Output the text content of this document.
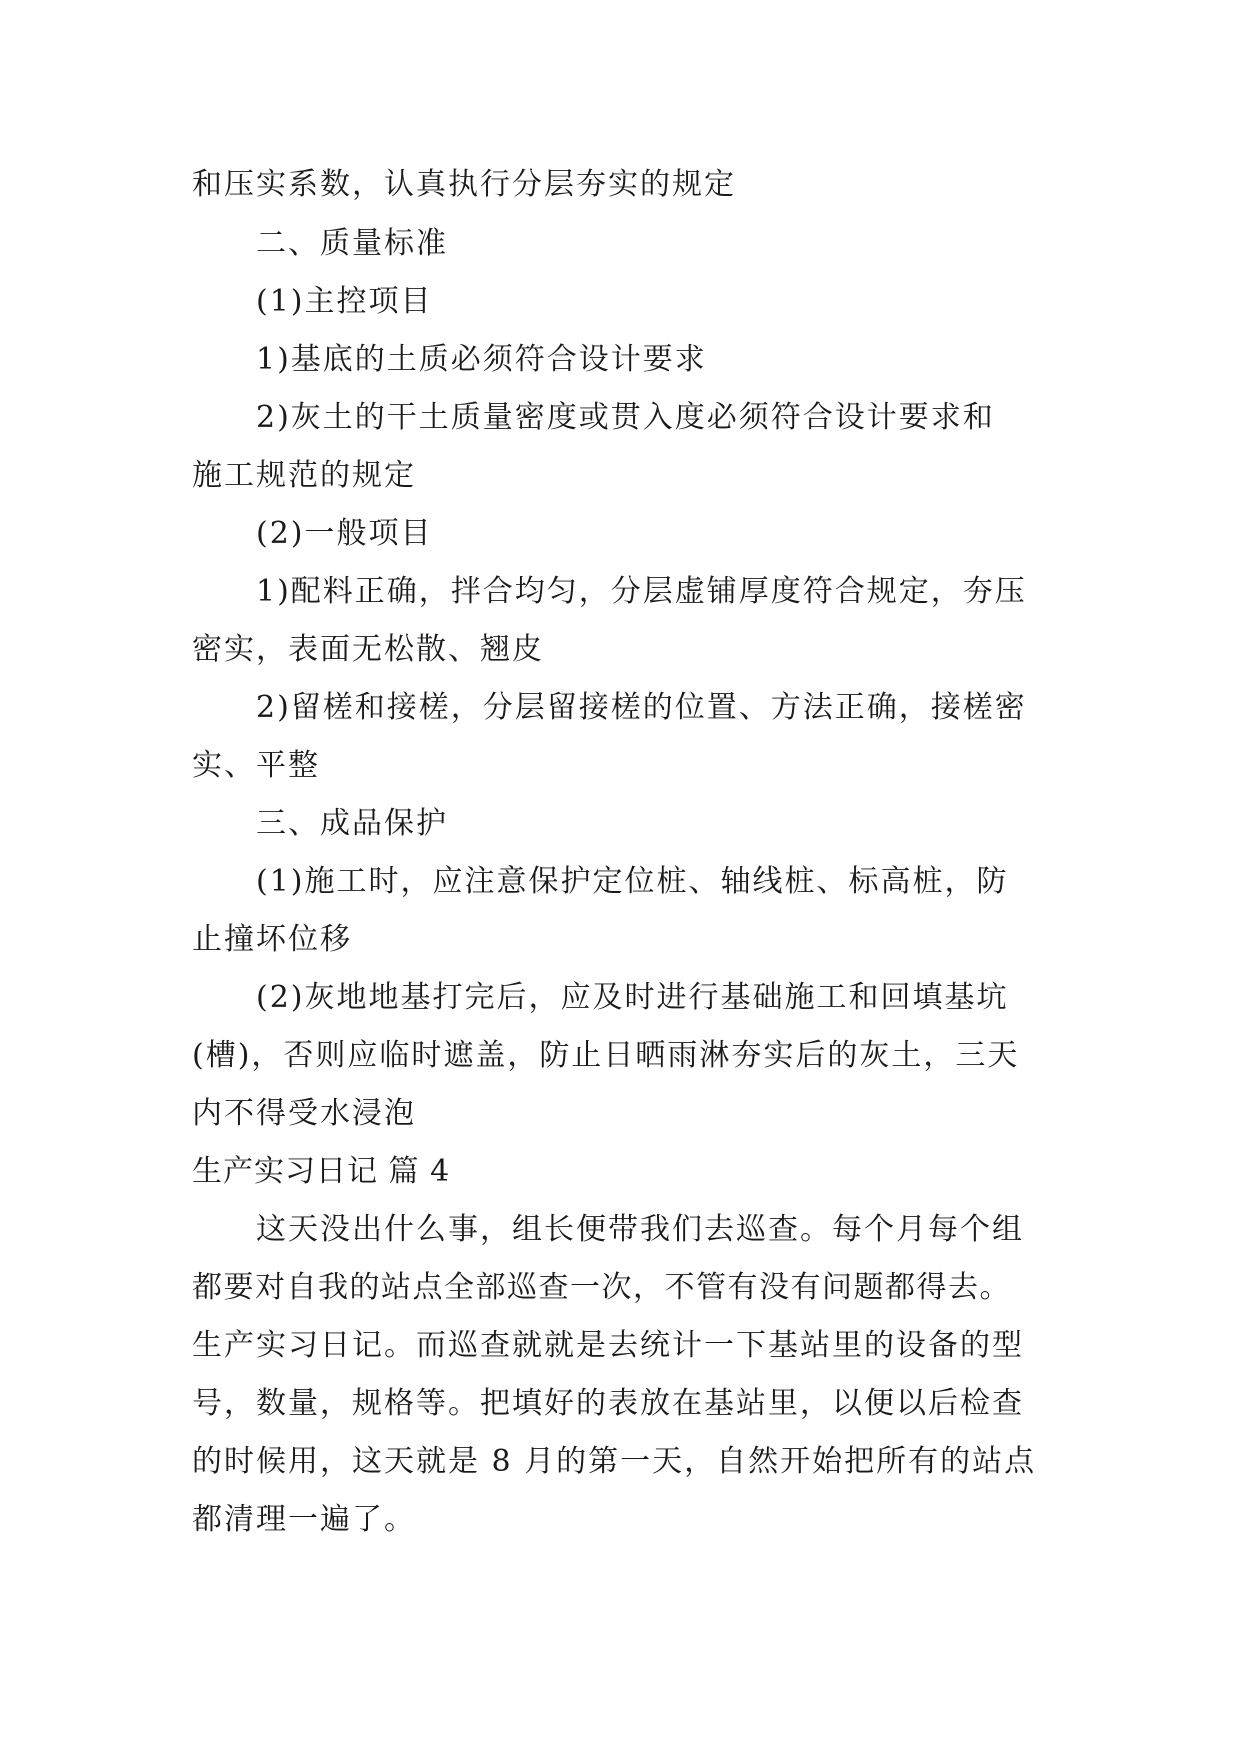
和压实系数，认真执行分层夯实的规定

二、质量标准

(1)主控项目

1)基底的土质必须符合设计要求

2)灰土的干土质量密度或贯入度必须符合设计要求和

施工规范的规定

(2)一般项目

1)配料正确，拌合均匀，分层虚铺厚度符合规定，夯压

密实，表面无松散、翘皮

2)留槎和接槎，分层留接槎的位置、方法正确，接槎密

实、平整

三、成品保护

(1)施工时，应注意保护定位桩、轴线桩、标高桩，防

止撞坏位移

(2)灰地地基打完后，应及时进行基础施工和回填基坑

(槽)，否则应临时遮盖，防止日晒雨淋夯实后的灰土，三天

内不得受水浸泡

生产实习日记 篇 4

这天没出什么事，组长便带我们去巡查。每个月每个组

都要对自我的站点全部巡查一次，不管有没有问题都得去。

生产实习日记。而巡查就就是去统计一下基站里的设备的型

号，数量，规格等。把填好的表放在基站里，以便以后检查

的时候用，这天就是 8 月的第一天，自然开始把所有的站点

都清理一遍了。
